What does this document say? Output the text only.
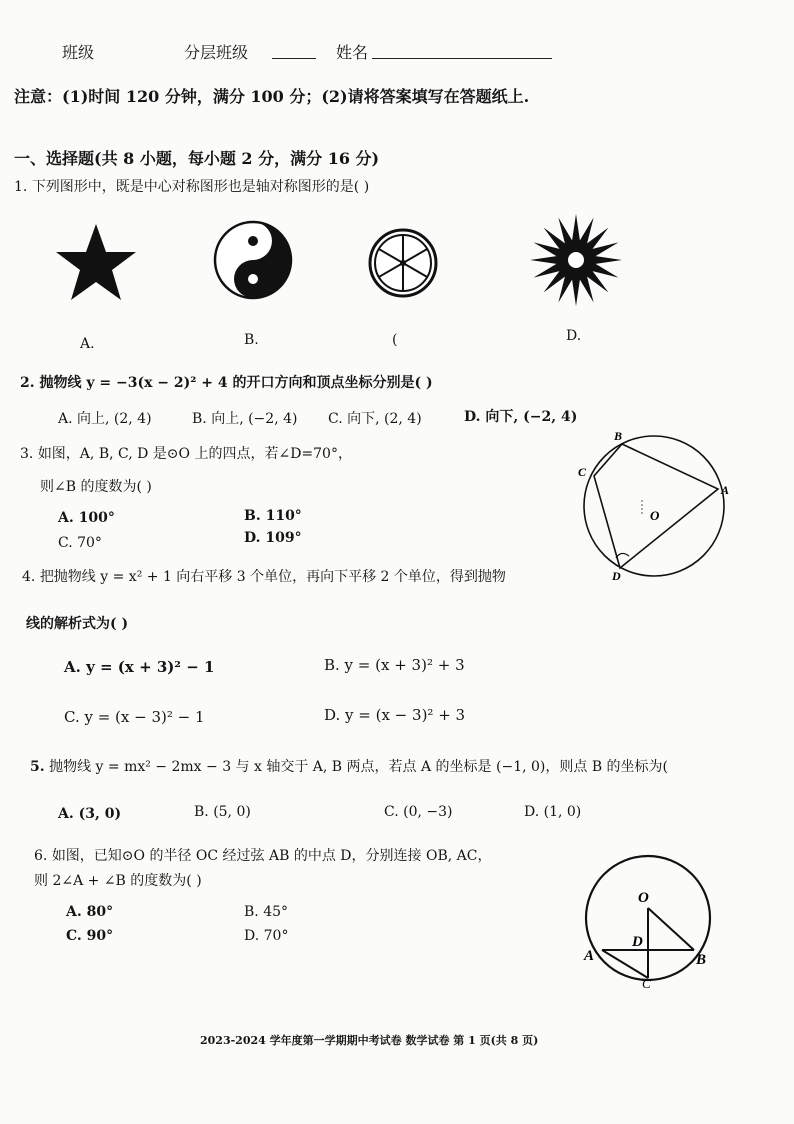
班级	分层班级	姓名
注意：(1)时间 120 分钟，满分 100 分；(2)请将答案填写在答题纸上.
一、选择题(共 8 小题，每小题 2 分，满分 16 分)
1. 下列图形中，既是中心对称图形也是轴对称图形的是( )
A.	B.	(	D.
2. 抛物线 y = −3(x − 2)² + 4 的开口方向和顶点坐标分别是( )
A. 向上, (2, 4)	B. 向上, (−2, 4) C. 向下, (2, 4)	D. 向下, (−2, 4)
3. 如图，A, B, C, D 是⊙O 上的四点，若∠D=70°，
则∠B 的度数为( )
A. 100°	B. 110°
C. 70°	D. 109°
B
A
C
D
O
4. 把抛物线 y = x² + 1 向右平移 3 个单位，再向下平移 2 个单位，得到抛物
线的解析式为( )
A. y = (x + 3)² − 1	B. y = (x + 3)² + 3
C. y = (x − 3)² − 1	D. y = (x − 3)² + 3
5. 抛物线 y = mx² − 2mx − 3 与 x 轴交于 A, B 两点，若点 A 的坐标是 (−1, 0)，则点 B 的坐标为(
A. (3, 0)	B. (5, 0)	C. (0, −3)	D. (1, 0)
6. 如图，已知⊙O 的半径 OC 经过弦 AB 的中点 D，分别连接 OB, AC，
则 2∠A + ∠B 的度数为( )
A. 80°	B. 45°
C. 90°	D. 70°
O
D
A	B
C
2023-2024 学年度第一学期期中考试卷 数学试卷 第 1 页(共 8 页)
